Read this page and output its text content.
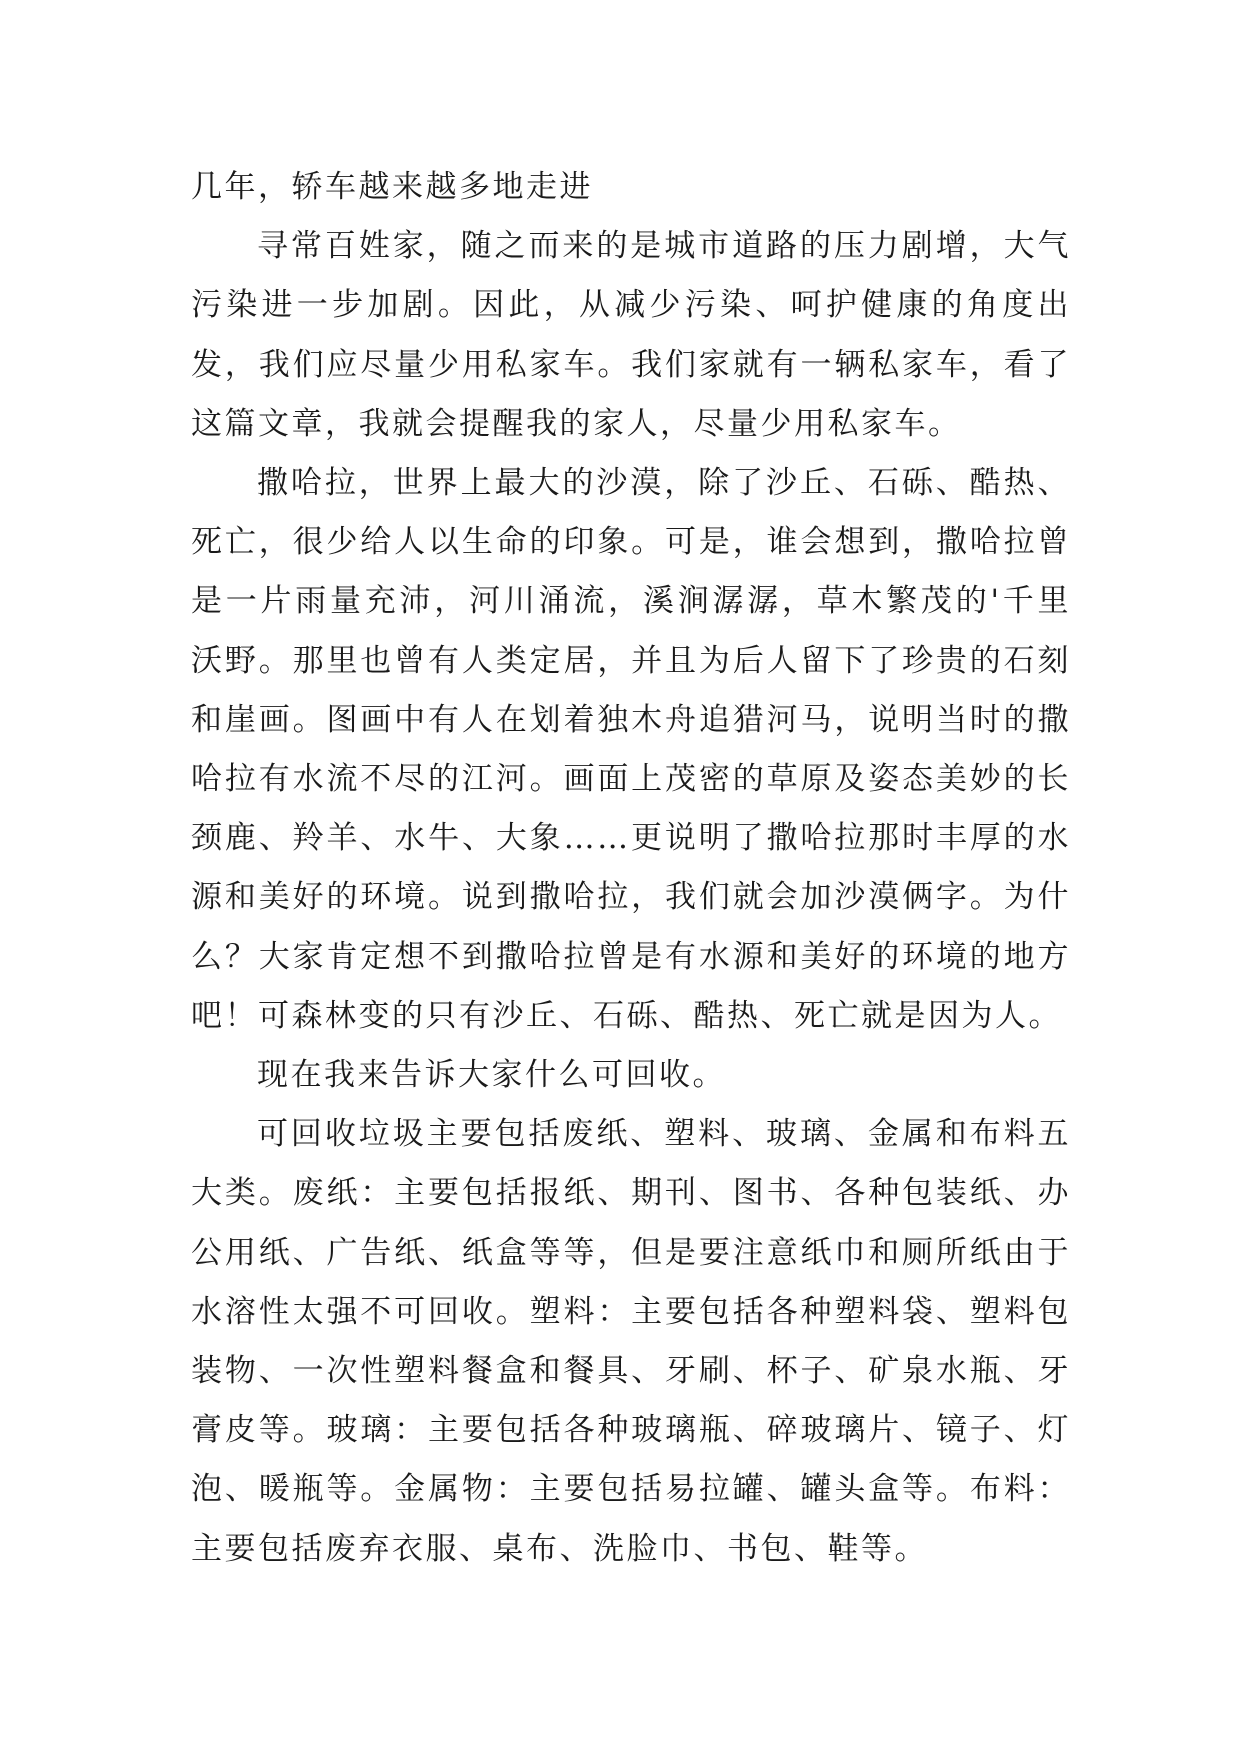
几年，轿车越来越多地走进

寻常百姓家，随之而来的是城市道路的压力剧增，大气污染进一步加剧。因此，从减少污染、呵护健康的角度出发，我们应尽量少用私家车。我们家就有一辆私家车，看了这篇文章，我就会提醒我的家人，尽量少用私家车。

撒哈拉，世界上最大的沙漠，除了沙丘、石砾、酷热、死亡，很少给人以生命的印象。可是，谁会想到，撒哈拉曾是一片雨量充沛，河川涌流，溪涧潺潺，草木繁茂的'千里沃野。那里也曾有人类定居，并且为后人留下了珍贵的石刻和崖画。图画中有人在划着独木舟追猎河马，说明当时的撒哈拉有水流不尽的江河。画面上茂密的草原及姿态美妙的长颈鹿、羚羊、水牛、大象……更说明了撒哈拉那时丰厚的水源和美好的环境。说到撒哈拉，我们就会加沙漠俩字。为什么？大家肯定想不到撒哈拉曾是有水源和美好的环境的地方吧！可森林变的只有沙丘、石砾、酷热、死亡就是因为人。

现在我来告诉大家什么可回收。

可回收垃圾主要包括废纸、塑料、玻璃、金属和布料五大类。废纸：主要包括报纸、期刊、图书、各种包装纸、办公用纸、广告纸、纸盒等等，但是要注意纸巾和厕所纸由于水溶性太强不可回收。塑料：主要包括各种塑料袋、塑料包装物、一次性塑料餐盒和餐具、牙刷、杯子、矿泉水瓶、牙膏皮等。玻璃：主要包括各种玻璃瓶、碎玻璃片、镜子、灯泡、暖瓶等。金属物：主要包括易拉罐、罐头盒等。布料：主要包括废弃衣服、桌布、洗脸巾、书包、鞋等。
